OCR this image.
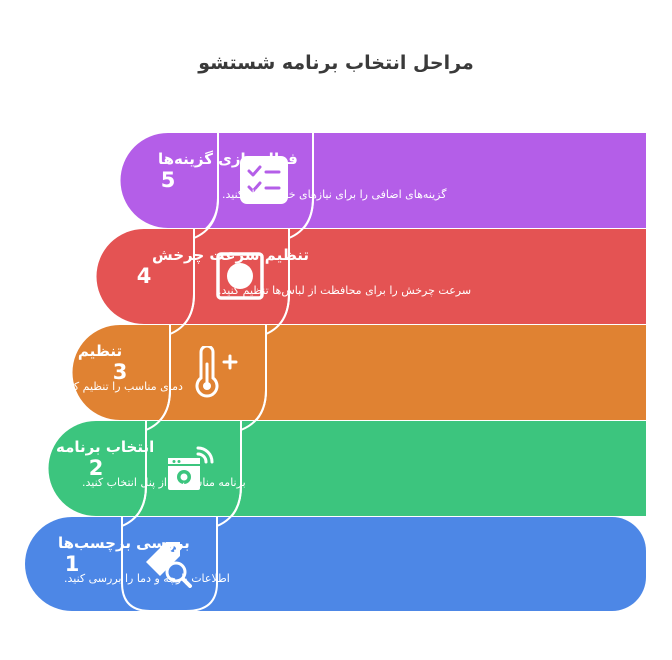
مراحل انتخاب برنامه شستشو
5
4
3
2
1
فعال‌سازی گزینه‌ها
تنظیم سرعت چرخش
تنظیم دما
انتخاب برنامه
بررسی برچسب‌ها
گزینه‌های اضافی را برای نیازهای خاص فعال کنید.
سرعت چرخش را برای محافظت از لباس‌ها تنظیم کنید.
دمای مناسب را تنظیم کنید.
برنامه مناسب را از پنل انتخاب کنید.
اطلاعات پارچه و دما را بررسی کنید.
